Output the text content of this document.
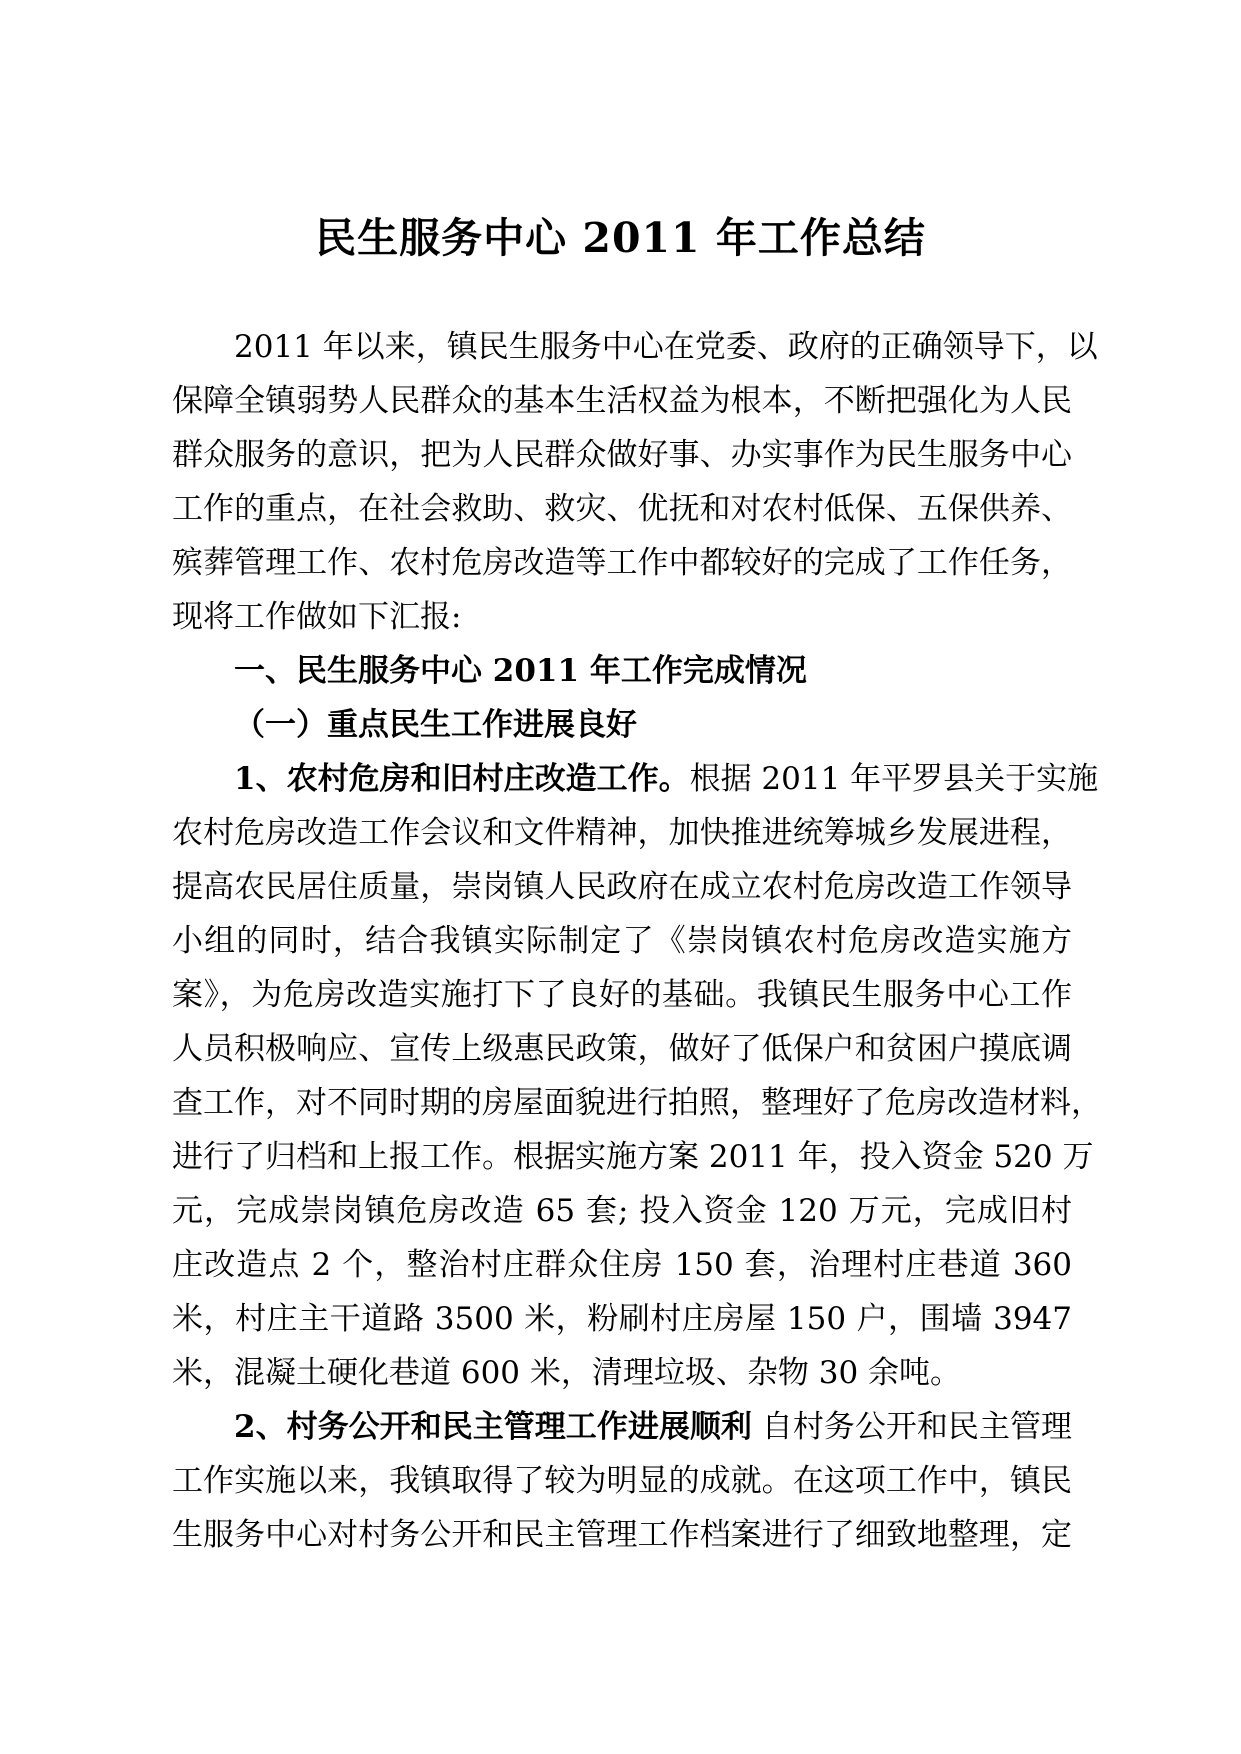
民生服务中心 2011 年工作总结

2011 年以来，镇民生服务中心在党委、政府的正确领导下，以

保障全镇弱势人民群众的基本生活权益为根本，不断把强化为人民

群众服务的意识，把为人民群众做好事、办实事作为民生服务中心

工作的重点，在社会救助、救灾、优抚和对农村低保、五保供养、

殡葬管理工作、农村危房改造等工作中都较好的完成了工作任务，

现将工作做如下汇报:

一、民生服务中心 2011 年工作完成情况

（一）重点民生工作进展良好

1、农村危房和旧村庄改造工作。根据 2011 年平罗县关于实施

农村危房改造工作会议和文件精神，加快推进统筹城乡发展进程，

提高农民居住质量，崇岗镇人民政府在成立农村危房改造工作领导

小组的同时，结合我镇实际制定了《崇岗镇农村危房改造实施方

案》，为危房改造实施打下了良好的基础。我镇民生服务中心工作

人员积极响应、宣传上级惠民政策，做好了低保户和贫困户摸底调

查工作，对不同时期的房屋面貌进行拍照，整理好了危房改造材料，

进行了归档和上报工作。根据实施方案 2011 年，投入资金 520 万

元，完成崇岗镇危房改造 65 套; 投入资金 120 万元，完成旧村

庄改造点 2 个，整治村庄群众住房 150 套，治理村庄巷道 360

米，村庄主干道路 3500 米，粉刷村庄房屋 150 户，围墙 3947

米，混凝土硬化巷道 600 米，清理垃圾、杂物 30 余吨。

2、村务公开和民主管理工作进展顺利 自村务公开和民主管理

工作实施以来，我镇取得了较为明显的成就。在这项工作中，镇民

生服务中心对村务公开和民主管理工作档案进行了细致地整理，定
